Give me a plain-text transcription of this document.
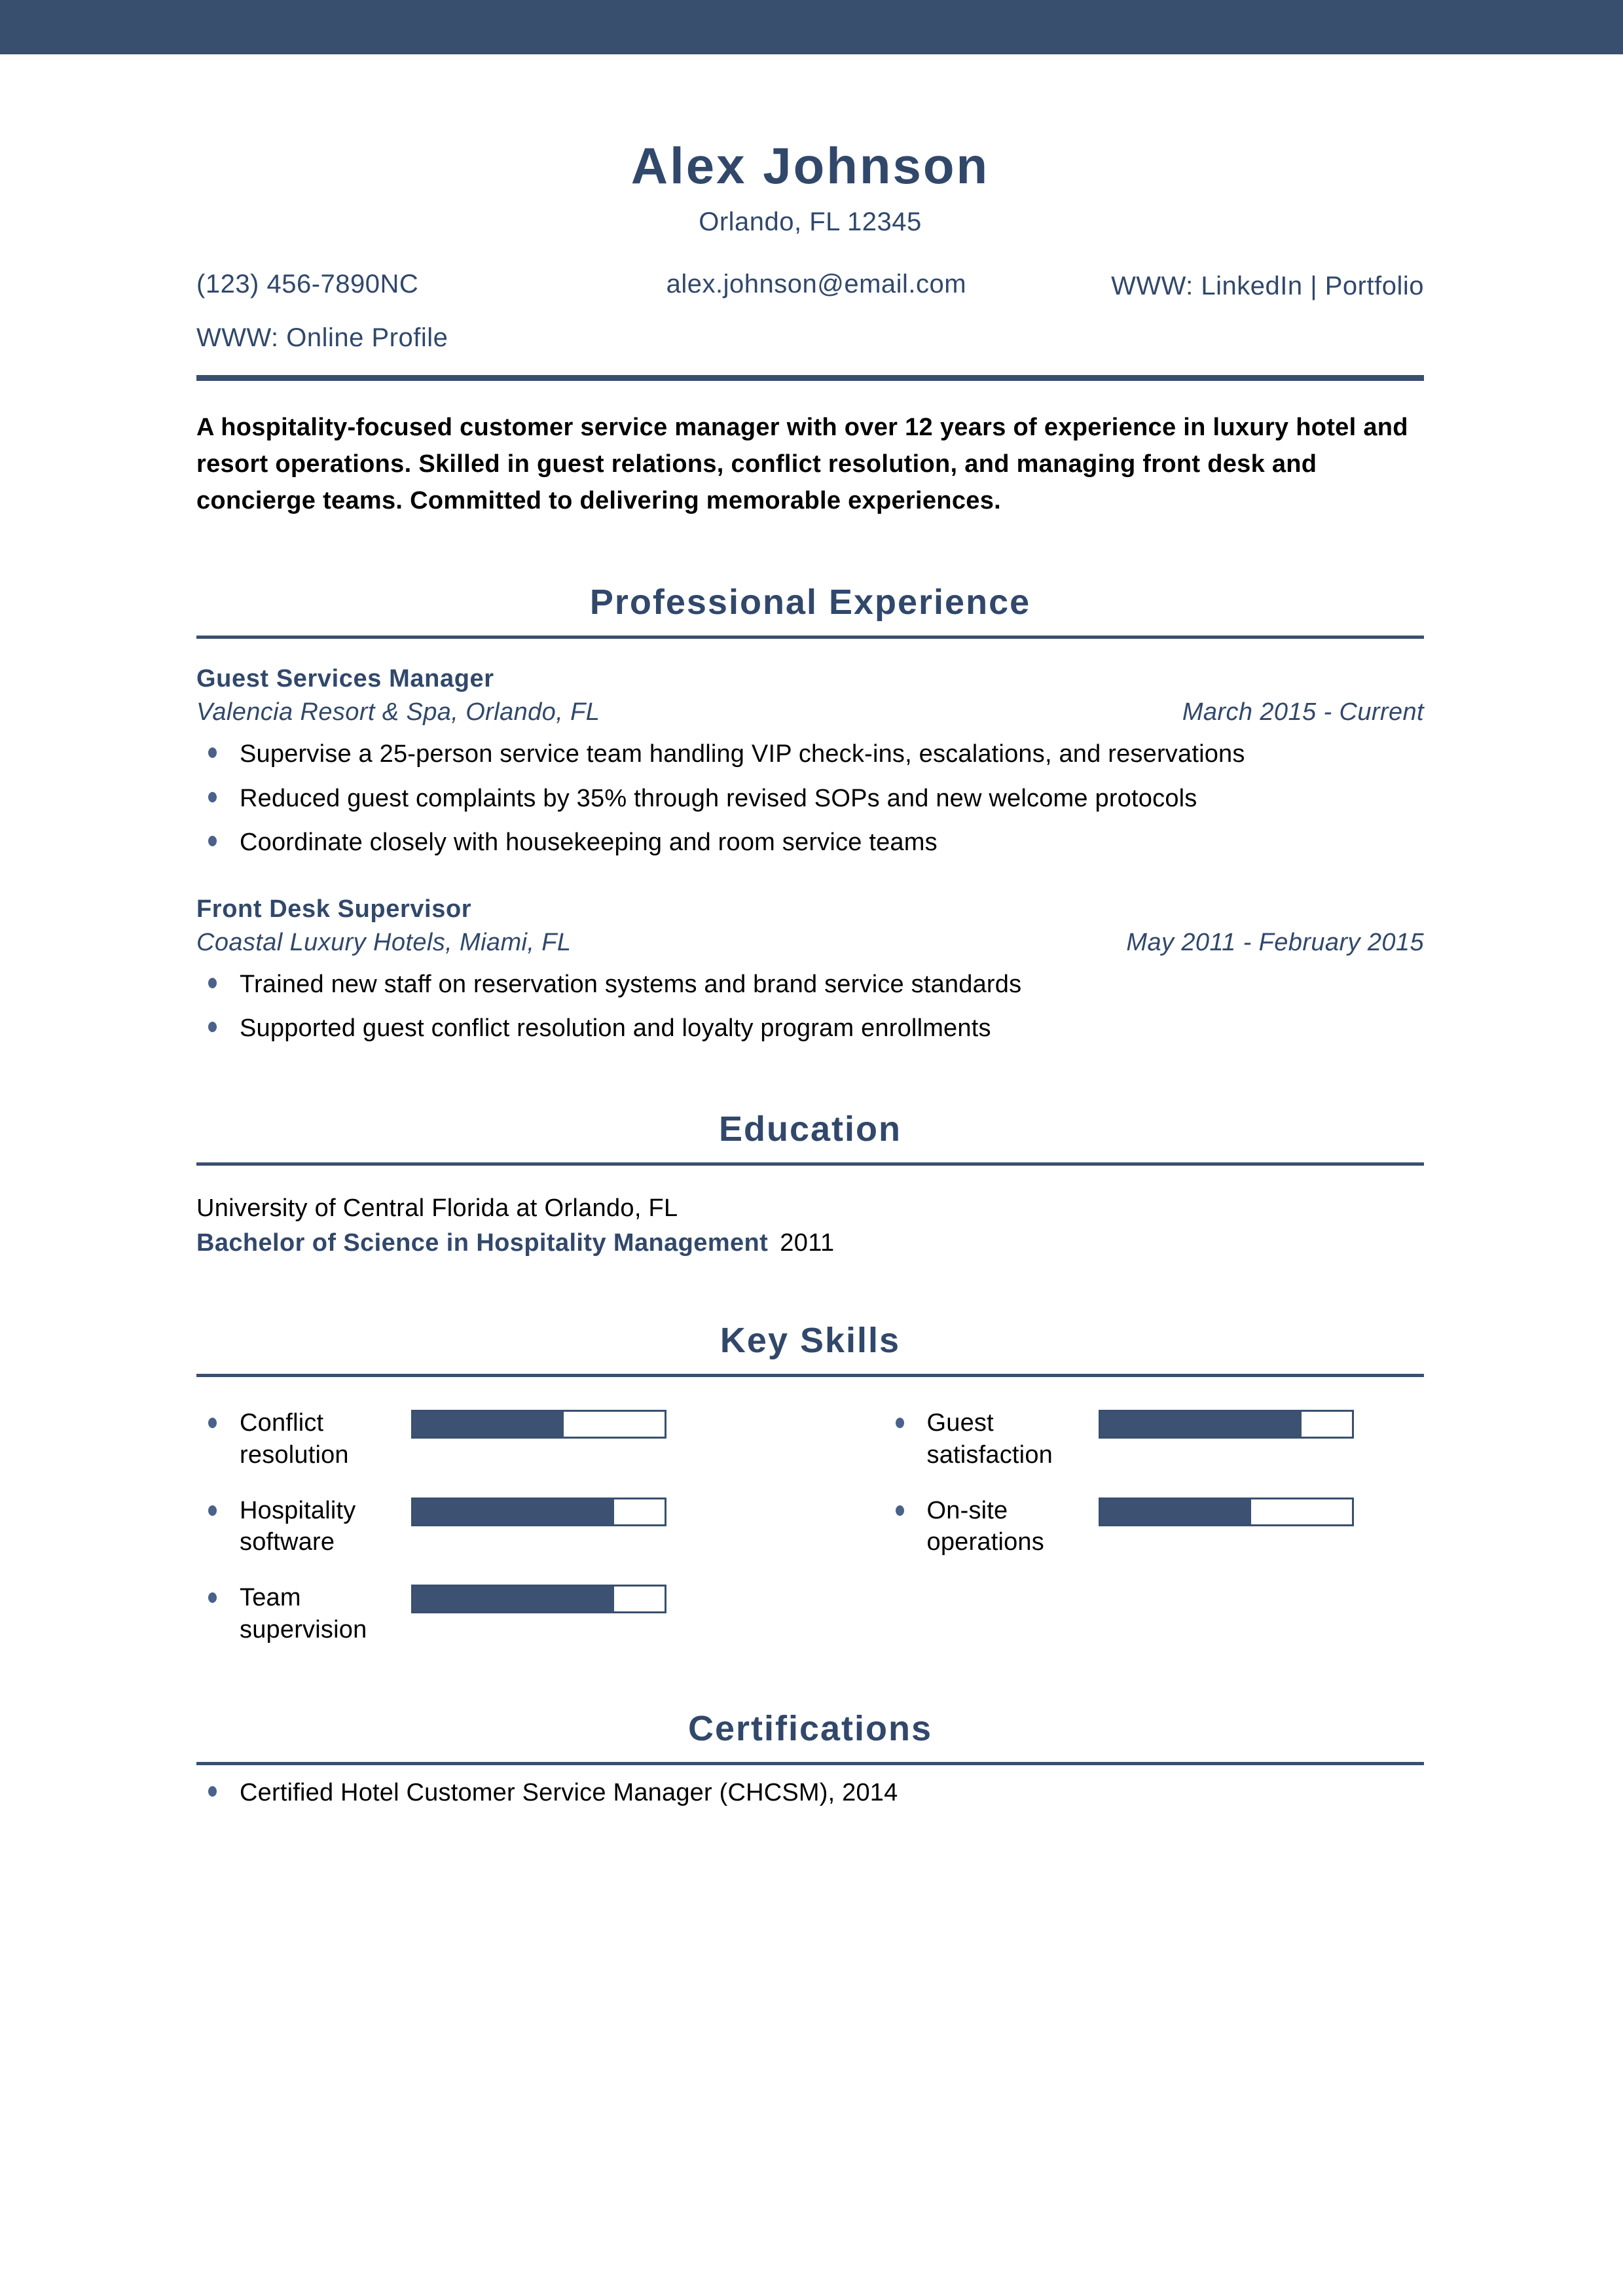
Alex Johnson
Orlando, FL 12345
(123) 456-7890NC	alex.johnson@email.com	WWW: LinkedIn | Portfolio
WWW: Online Profile
A hospitality-focused customer service manager with over 12 years of experience in luxury hotel and resort operations. Skilled in guest relations, conflict resolution, and managing front desk and concierge teams. Committed to delivering memorable experiences.
Professional Experience
Guest Services Manager
Valencia Resort & Spa, Orlando, FL	March 2015 - Current
Supervise a 25-person service team handling VIP check-ins, escalations, and reservations
Reduced guest complaints by 35% through revised SOPs and new welcome protocols
Coordinate closely with housekeeping and room service teams
Front Desk Supervisor
Coastal Luxury Hotels, Miami, FL	May 2011 - February 2015
Trained new staff on reservation systems and brand service standards
Supported guest conflict resolution and loyalty program enrollments
Education
University of Central Florida at Orlando, FL
Bachelor of Science in Hospitality Management 2011
Key Skills
Conflict resolution
Hospitality software
Team supervision
Guest satisfaction
On-site operations
Certifications
Certified Hotel Customer Service Manager (CHCSM), 2014
